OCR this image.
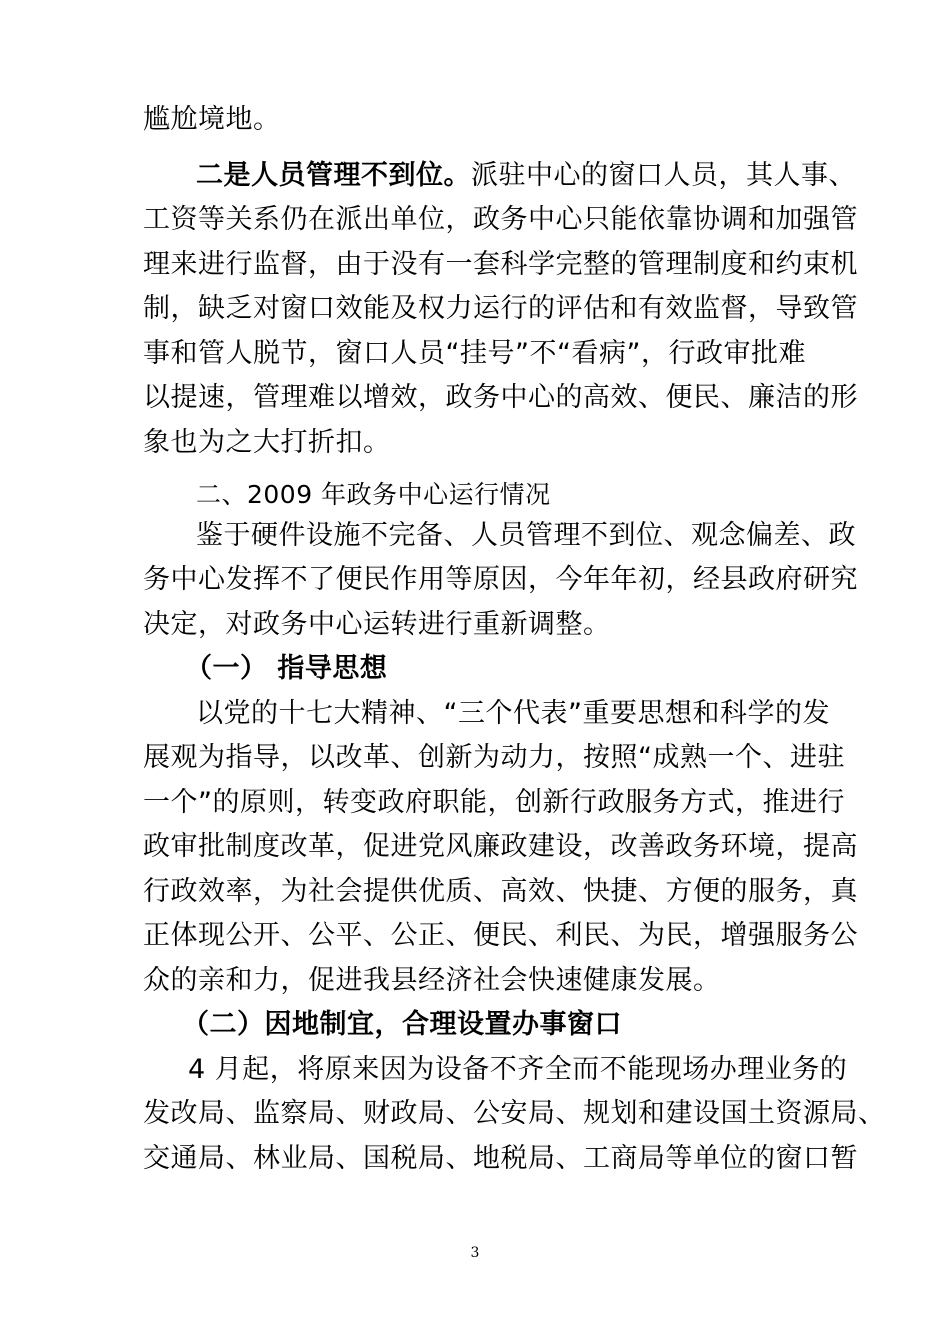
尴尬境地。
二是人员管理不到位。派驻中心的窗口人员，其人事、
工资等关系仍在派出单位，政务中心只能依靠协调和加强管
理来进行监督，由于没有一套科学完整的管理制度和约束机
制，缺乏对窗口效能及权力运行的评估和有效监督，导致管
事和管人脱节，窗口人员“挂号”不“看病”，行政审批难
以提速，管理难以增效，政务中心的高效、便民、廉洁的形
象也为之大打折扣。
二、2009 年政务中心运行情况
鉴于硬件设施不完备、人员管理不到位、观念偏差、政
务中心发挥不了便民作用等原因，今年年初，经县政府研究
决定，对政务中心运转进行重新调整。
（一） 指导思想
以党的十七大精神、“三个代表”重要思想和科学的发
展观为指导，以改革、创新为动力，按照“成熟一个、进驻
一个”的原则，转变政府职能，创新行政服务方式，推进行
政审批制度改革，促进党风廉政建设，改善政务环境，提高
行政效率，为社会提供优质、高效、快捷、方便的服务，真
正体现公开、公平、公正、便民、利民、为民，增强服务公
众的亲和力，促进我县经济社会快速健康发展。
（二）因地制宜，合理设置办事窗口
4 月起，将原来因为设备不齐全而不能现场办理业务的
发改局、监察局、财政局、公安局、规划和建设国土资源局、
交通局、林业局、国税局、地税局、工商局等单位的窗口暂
3
